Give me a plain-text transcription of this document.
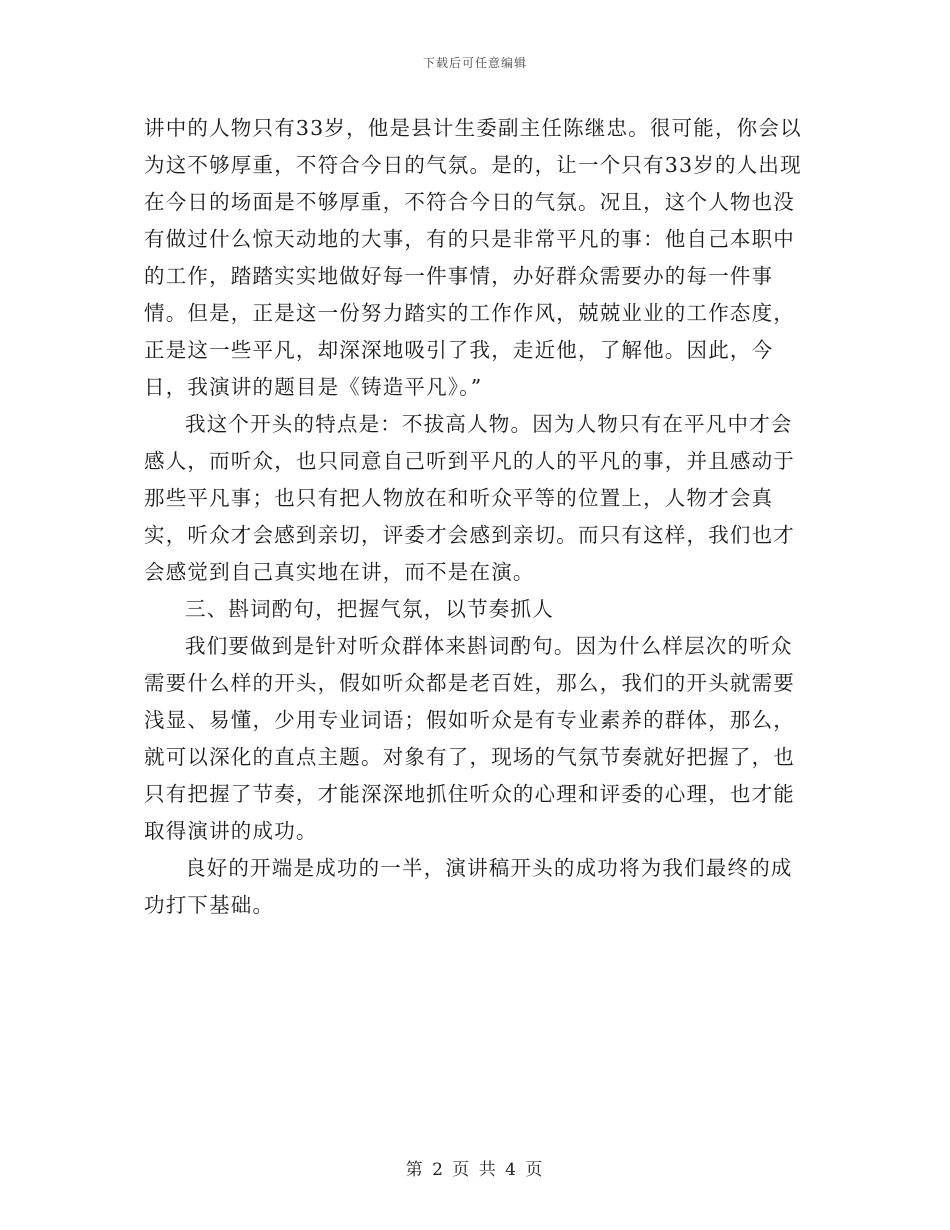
下载后可任意编辑

讲中的人物只有33岁，他是县计生委副主任陈继忠。很可能，你会以为这不够厚重，不符合今日的气氛。是的，让一个只有33岁的人出现在今日的场面是不够厚重，不符合今日的气氛。况且，这个人物也没有做过什么惊天动地的大事，有的只是非常平凡的事：他自己本职中的工作，踏踏实实地做好每一件事情，办好群众需要办的每一件事情。但是，正是这一份努力踏实的工作作风，兢兢业业的工作态度，正是这一些平凡，却深深地吸引了我，走近他，了解他。因此，今日，我演讲的题目是《铸造平凡》。”

我这个开头的特点是：不拔高人物。因为人物只有在平凡中才会感人，而听众，也只同意自己听到平凡的人的平凡的事，并且感动于那些平凡事；也只有把人物放在和听众平等的位置上，人物才会真实，听众才会感到亲切，评委才会感到亲切。而只有这样，我们也才会感觉到自己真实地在讲，而不是在演。

三、斟词酌句，把握气氛，以节奏抓人

我们要做到是针对听众群体来斟词酌句。因为什么样层次的听众需要什么样的开头，假如听众都是老百姓，那么，我们的开头就需要浅显、易懂，少用专业词语；假如听众是有专业素养的群体，那么，就可以深化的直点主题。对象有了，现场的气氛节奏就好把握了，也只有把握了节奏，才能深深地抓住听众的心理和评委的心理，也才能取得演讲的成功。

良好的开端是成功的一半，演讲稿开头的成功将为我们最终的成功打下基础。

第 2 页 共 4 页
